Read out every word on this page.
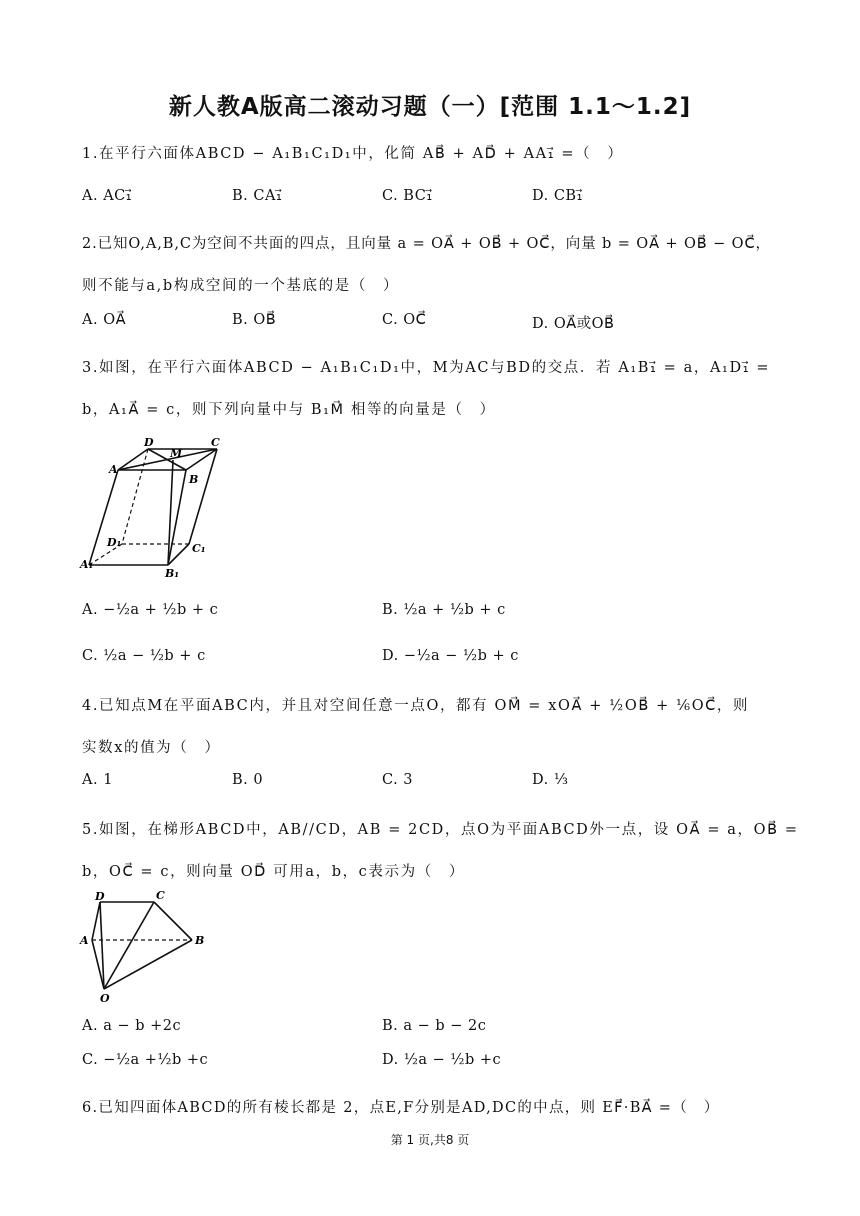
新人教A版高二滚动习题（一）[范围 1.1～1.2]
1.在平行六面体ABCD − A₁B₁C₁D₁中，化简 AB⃗ + AD⃗ + AA₁⃗ =（　）
A. AC₁⃗	B. CA₁⃗	C. BC₁⃗	D. CB₁⃗
2.已知O,A,B,C为空间不共面的四点，且向量 a = OA⃗ + OB⃗ + OC⃗，向量 b = OA⃗ + OB⃗ − OC⃗，
则不能与a,b构成空间的一个基底的是（　）
A. OA⃗	B. OB⃗	C. OC⃗	D. OA⃗或OB⃗
3.如图，在平行六面体ABCD − A₁B₁C₁D₁中，M为AC与BD的交点．若 A₁B₁⃗ = a，A₁D₁⃗ =
b，A₁A⃗ = c，则下列向量中与 B₁M⃗ 相等的向量是（　）
D
M
C
A
B
D₁	C₁
A₁
B₁
A. −½a + ½b + c	B. ½a + ½b + c
C. ½a − ½b + c	D. −½a − ½b + c
4.已知点M在平面ABC内，并且对空间任意一点O，都有 OM⃗ = xOA⃗ + ½OB⃗ + ⅙OC⃗，则
实数x的值为（　）
A. 1	B. 0	C. 3	D. ⅓
5.如图，在梯形ABCD中，AB//CD，AB = 2CD，点O为平面ABCD外一点，设 OA⃗ = a，OB⃗ =
b，OC⃗ = c，则向量 OD⃗ 可用a，b，c表示为（　）
D	C
A	B
O
A. a − b +2c	B. a − b − 2c
C. −½a +½b +c	D. ½a − ½b +c
6.已知四面体ABCD的所有棱长都是 2，点E,F分别是AD,DC的中点，则 EF⃗·BA⃗ =（　）
第 1 页,共8 页
